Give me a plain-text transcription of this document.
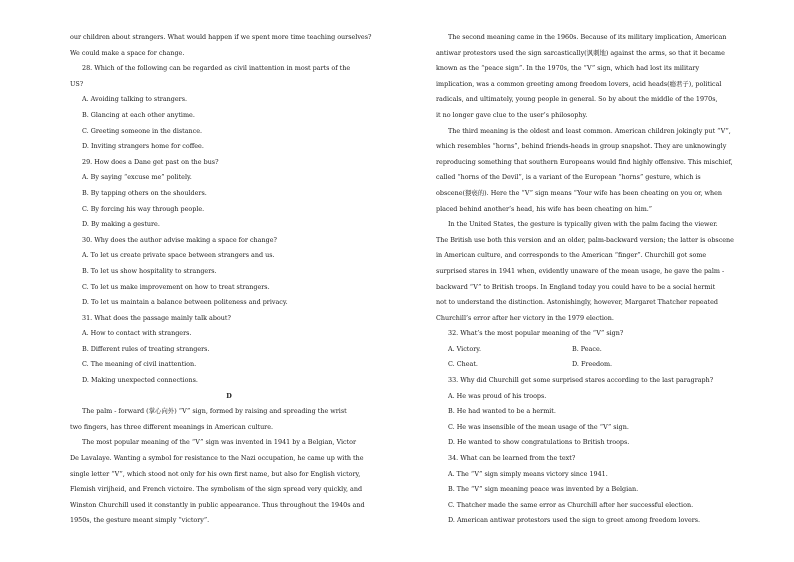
our children about strangers. What would happen if we spent more time teaching ourselves?
We could make a space for change.
28. Which of the following can be regarded as civil inattention in most parts of the
US?
A. Avoiding talking to strangers.
B. Glancing at each other anytime.
C. Greeting someone in the distance.
D. Inviting strangers home for coffee.
29. How does a Dane get past on the bus?
A. By saying “excuse me” politely.
B. By tapping others on the shoulders.
C. By forcing his way through people.
D. By making a gesture.
30. Why does the author advise making a space for change?
A. To let us create private space between strangers and us.
B. To let us show hospitality to strangers.
C. To let us make improvement on how to treat strangers.
D. To let us maintain a balance between politeness and privacy.
31. What does the passage mainly talk about?
A. How to contact with strangers.
B. Different rules of treating strangers.
C. The meaning of civil inattention.
D. Making unexpected connections.
D
The palm - forward (掌心向外) “V” sign, formed by raising and spreading the wrist
two fingers, has three different meanings in American culture.
The most popular meaning of the “V” sign was invented in 1941 by a Belgian, Victor
De Lavalaye. Wanting a symbol for resistance to the Nazi occupation, he came up with the
single letter “V”, which stood not only for his own first name, but also for English victory,
Flemish virijheid, and French victoire. The symbolism of the sign spread very quickly, and
Winston Churchill used it constantly in public appearance. Thus throughout the 1940s and
1950s, the gesture meant simply “victory”.
The second meaning came in the 1960s. Because of its military implication, American
antiwar protestors used the sign sarcastically(讽刺地) against the arms, so that it became
known as the “peace sign”. In the 1970s, the “V” sign, which had lost its military
implication, was a common greeting among freedom lovers, acid heads(瘾君子), political
radicals, and ultimately, young people in general. So by about the middle of the 1970s,
it no longer gave clue to the user’s philosophy.
The third meaning is the oldest and least common. American children jokingly put “V”,
which resembles “horns”, behind friends-heads in group snapshot. They are unknowingly
reproducing something that southern Europeans would find highly offensive. This mischief,
called “horns of the Devil”, is a variant of the European “horns” gesture, which is
obscene(猥亵的). Here the “V” sign means “Your wife has been cheating on you or, when
placed behind another’s head, his wife has been cheating on him.”
In the United States, the gesture is typically given with the palm facing the viewer.
The British use both this version and an older, palm-backward version; the latter is obscene
in American culture, and corresponds to the American “finger”. Churchill got some
surprised stares in 1941 when, evidently unaware of the mean usage, he gave the palm -
backward “V” to British troops. In England today you could have to be a social hermit
not to understand the distinction. Astonishingly, however, Margaret Thatcher repeated
Churchill’s error after her victory in the 1979 election.
32. What’s the most popular meaning of the “V” sign?
A. Victory.	B. Peace.
C. Cheat.	D. Freedom.
33. Why did Churchill get some surprised stares according to the last paragraph?
A. He was proud of his troops.
B. He had wanted to be a hermit.
C. He was insensible of the mean usage of the “V” sign.
D. He wanted to show congratulations to British troops.
34. What can be learned from the text?
A. The “V” sign simply means victory since 1941.
B. The “V” sign meaning peace was invented by a Belgian.
C. Thatcher made the same error as Churchill after her successful election.
D. American antiwar protestors used the sign to greet among freedom lovers.
